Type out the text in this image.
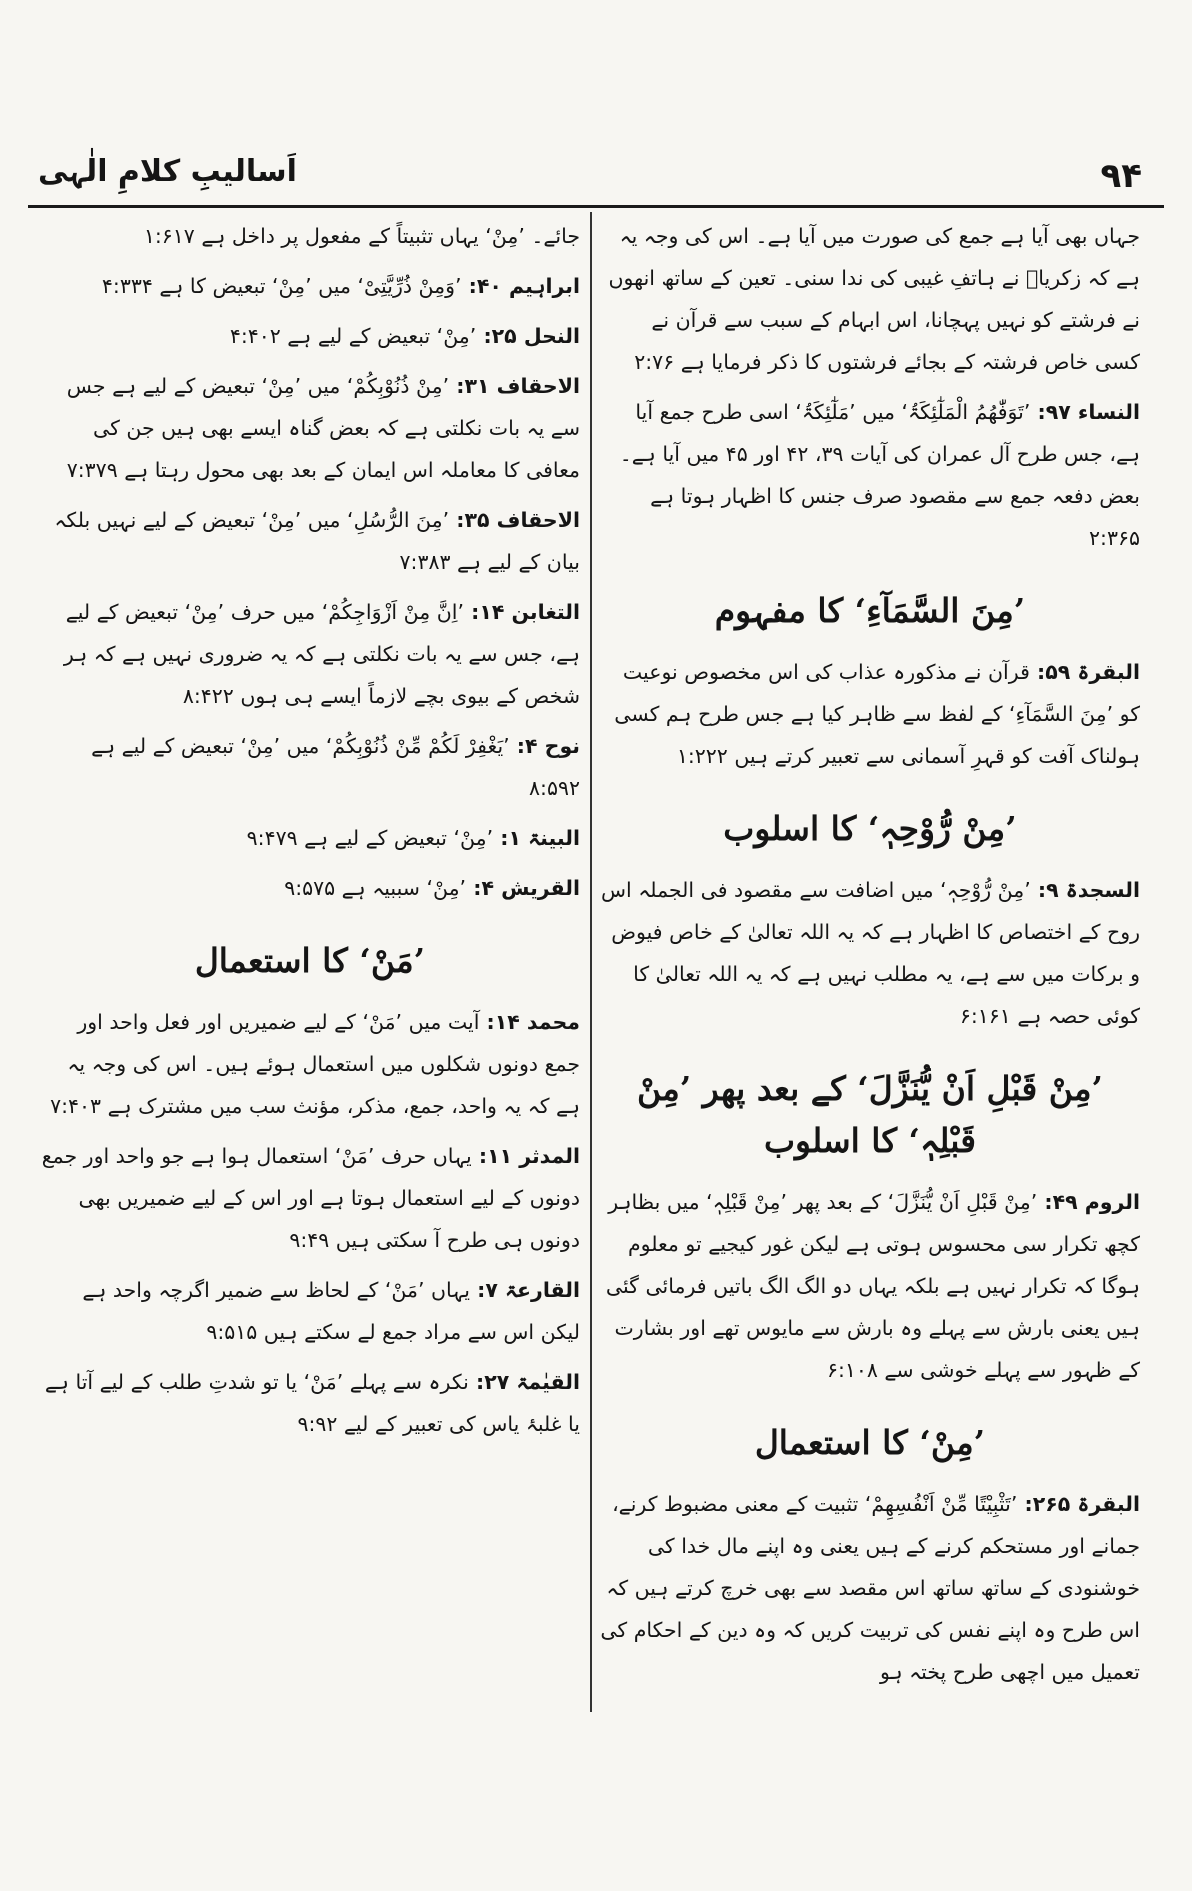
۹۴
اَسالیبِ کلامِ الٰہی

جہاں بھی آیا ہے جمع کی صورت میں آیا ہے۔ اس کی وجہ یہ ہے کہ زکریاؑ نے ہاتفِ غیبی کی ندا سنی۔ تعین کے ساتھ انھوں نے فرشتے کو نہیں پہچانا، اس ابہام کے سبب سے قرآن نے کسی خاص فرشتہ کے بجائے فرشتوں کا ذکر فرمایا ہے ۲:۷۶

النساء ۹۷: ’تَوَفّٰھُمُ الْمَلٰٓئِکَۃُ‘ میں ’مَلٰٓئِکَۃُ‘ اسی طرح جمع آیا ہے، جس طرح آل عمران کی آیات ۳۹، ۴۲ اور ۴۵ میں آیا ہے۔ بعض دفعہ جمع سے مقصود صرف جنس کا اظہار ہوتا ہے ۲:۳۶۵

’مِنَ السَّمَآءِ‘ کا مفہوم

البقرۃ ۵۹: قرآن نے مذکورہ عذاب کی اس مخصوص نوعیت کو ’مِنَ السَّمَآءِ‘ کے لفظ سے ظاہر کیا ہے جس طرح ہم کسی ہولناک آفت کو قہرِ آسمانی سے تعبیر کرتے ہیں ۱:۲۲۲

’مِنْ رُّوْحِہٖ‘ کا اسلوب

السجدۃ ۹: ’مِنْ رُّوْحِہٖ‘ میں اضافت سے مقصود فی الجملہ اس روح کے اختصاص کا اظہار ہے کہ یہ اللہ تعالیٰ کے خاص فیوض و برکات میں سے ہے، یہ مطلب نہیں ہے کہ یہ اللہ تعالیٰ کا کوئی حصہ ہے ۶:۱۶۱

’مِنْ قَبْلِ اَنْ یُّنَزَّلَ‘ کے بعد پھر ’مِنْ قَبْلِہٖ‘ کا اسلوب

الروم ۴۹: ’مِنْ قَبْلِ اَنْ یُّنَزَّلَ‘ کے بعد پھر ’مِنْ قَبْلِہٖ‘ میں بظاہر کچھ تکرار سی محسوس ہوتی ہے لیکن غور کیجیے تو معلوم ہوگا کہ تکرار نہیں ہے بلکہ یہاں دو الگ الگ باتیں فرمائی گئی ہیں یعنی بارش سے پہلے وہ بارش سے مایوس تھے اور بشارت کے ظہور سے پہلے خوشی سے ۶:۱۰۸

’مِنْ‘ کا استعمال

البقرۃ ۲۶۵: ’تَثْبِیْتًا مِّنْ اَنْفُسِھِمْ‘ تثبیت کے معنی مضبوط کرنے، جمانے اور مستحکم کرنے کے ہیں یعنی وہ اپنے مال خدا کی خوشنودی کے ساتھ ساتھ اس مقصد سے بھی خرچ کرتے ہیں کہ اس طرح وہ اپنے نفس کی تربیت کریں کہ وہ دین کے احکام کی تعمیل میں اچھی طرح پختہ ہو

جائے۔ ’مِنْ‘ یہاں تثبیتاً کے مفعول پر داخل ہے ۱:۶۱۷

ابراہیم ۴۰: ’وَمِنْ ذُرِّیَّتِیْ‘ میں ’مِنْ‘ تبعیض کا ہے ۴:۳۳۴

النحل ۲۵: ’مِنْ‘ تبعیض کے لیے ہے ۴:۴۰۲

الاحقاف ۳۱: ’مِنْ ذُنُوْبِکُمْ‘ میں ’مِنْ‘ تبعیض کے لیے ہے جس سے یہ بات نکلتی ہے کہ بعض گناہ ایسے بھی ہیں جن کی معافی کا معاملہ اس ایمان کے بعد بھی محول رہتا ہے ۷:۳۷۹

الاحقاف ۳۵: ’مِنَ الرُّسُلِ‘ میں ’مِنْ‘ تبعیض کے لیے نہیں بلکہ بیان کے لیے ہے ۷:۳۸۳

التغابن ۱۴: ’اِنَّ مِنْ اَزْوَاجِکُمْ‘ میں حرف ’مِنْ‘ تبعیض کے لیے ہے، جس سے یہ بات نکلتی ہے کہ یہ ضروری نہیں ہے کہ ہر شخص کے بیوی بچے لازماً ایسے ہی ہوں ۸:۴۲۲

نوح ۴: ’یَغْفِرْ لَکُمْ مِّنْ ذُنُوْبِکُمْ‘ میں ’مِنْ‘ تبعیض کے لیے ہے ۸:۵۹۲

البینۃ ۱: ’مِنْ‘ تبعیض کے لیے ہے ۹:۴۷۹

القریش ۴: ’مِنْ‘ سببیہ ہے ۹:۵۷۵

’مَنْ‘ کا استعمال

محمد ۱۴: آیت میں ’مَنْ‘ کے لیے ضمیریں اور فعل واحد اور جمع دونوں شکلوں میں استعمال ہوئے ہیں۔ اس کی وجہ یہ ہے کہ یہ واحد، جمع، مذکر، مؤنث سب میں مشترک ہے ۷:۴۰۳

المدثر ۱۱: یہاں حرف ’مَنْ‘ استعمال ہوا ہے جو واحد اور جمع دونوں کے لیے استعمال ہوتا ہے اور اس کے لیے ضمیریں بھی دونوں ہی طرح آ سکتی ہیں ۹:۴۹

القارعۃ ۷: یہاں ’مَنْ‘ کے لحاظ سے ضمیر اگرچہ واحد ہے لیکن اس سے مراد جمع لے سکتے ہیں ۹:۵۱۵

القیٰمۃ ۲۷: نکرہ سے پہلے ’مَنْ‘ یا تو شدتِ طلب کے لیے آتا ہے یا غلبۂ یاس کی تعبیر کے لیے ۹:۹۲
